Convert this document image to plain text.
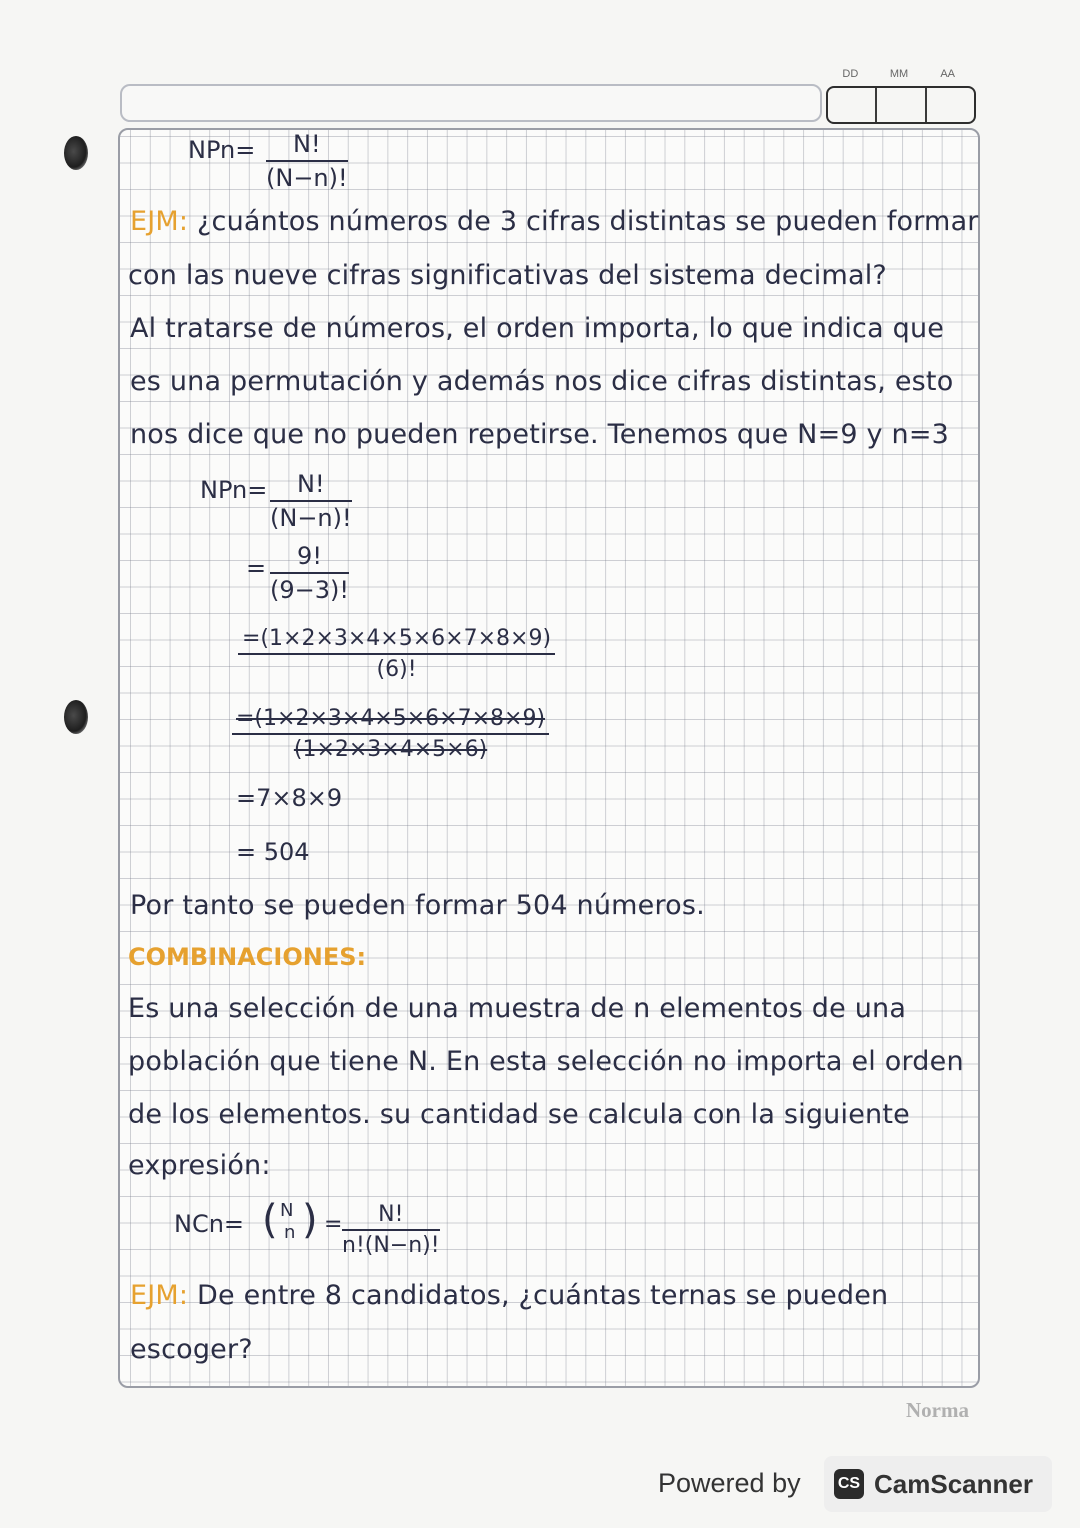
DD	MM	AA
$NPn= \frac{N!}{(N-n)!}$
EJM: ¿cuántos números de 3 cifras distintas se pueden formar
con las nueve cifras significativas del sistema decimal?
Al tratarse de números, el orden importa, lo que indica que
es una permutación y además nos dice cifras distintas, esto
nos dice que no pueden repetirse. Tenemos que N=9 y n=3
$NPn= \frac{N!}{(N-n)!}$
= $\frac{9!}{(9-3)!}$
$\frac{=(1\times 2\times 3\times 4\times 5\times 6\times 7\times 8\times 9)}{(6)!}$
$\frac{=(1\times 2\times 3\times 4\times 5\times 6\times 7\times 8\times 9)}{(1\times 2\times 3\times 4\times 5\times 6)}$
=7×8×9
= 504
Por tanto se pueden formar 504 números.
COMBINACIONES:
Es una selección de una muestra de n elementos de una
población que tiene N. En esta selección no importa el orden
de los elementos. su cantidad se calcula con la siguiente
expresión:
NCn= ( N
n ) = $\frac{N!}{n!(N-n)!}$
EJM: De entre 8 candidatos, ¿cuántas ternas se pueden
escoger?
Norma
Powered by CS CamScanner
